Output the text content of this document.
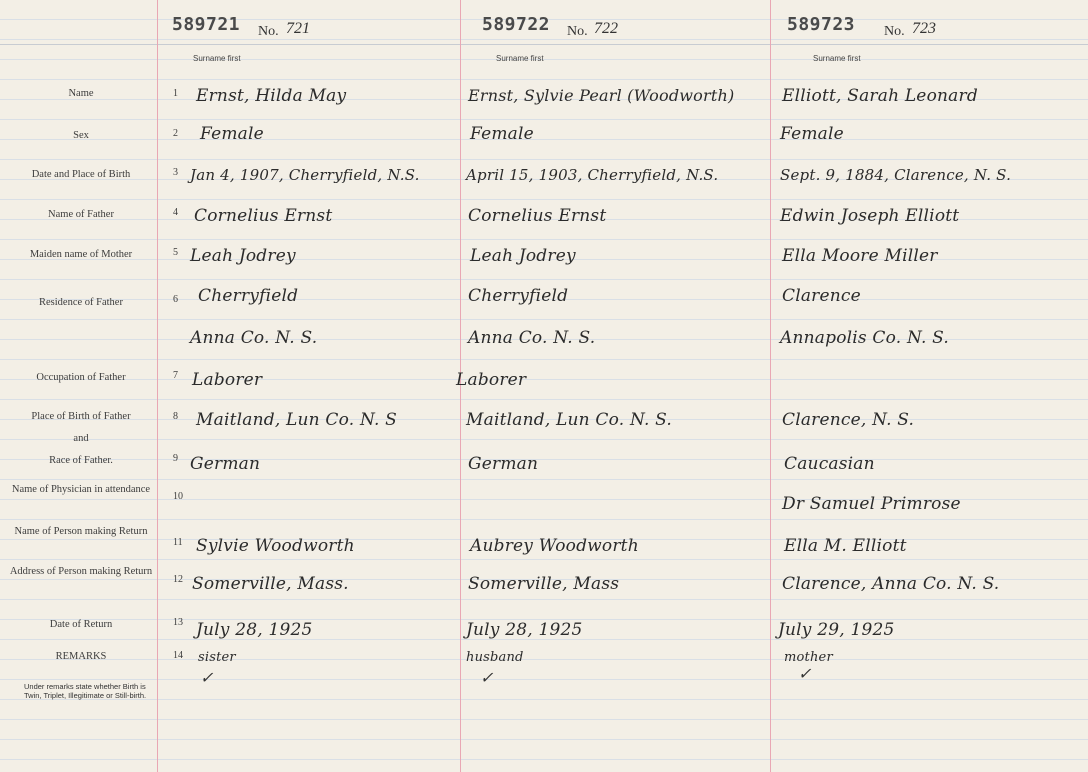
589721 No. 721
Surname first
589722 No. 722
Surname first
589723 No. 723
Surname first
Name
Sex
Date and Place of Birth
Name of Father
Maiden name of Mother
Residence of Father
Occupation of Father
Place of Birth of Father
and
Race of Father.
Name of Physician in attendance
Name of Person making Return
Address of Person making Return
Date of Return
REMARKS
Under remarks state whether Birth is Twin, Triplet, Illegitimate or Still-birth.
1
2
3
4
5
6
7
8
9
10
11
12
13
14
Ernst, Hilda May
Female
Jan 4, 1907, Cherryfield, N.S.
Cornelius Ernst
Leah Jodrey
Cherryfield
Anna Co. N. S.
Laborer
Maitland, Lun Co. N. S
German
Sylvie Woodworth
Somerville, Mass.
July 28, 1925
sister
✓
Ernst, Sylvie Pearl (Woodworth)
Female
April 15, 1903, Cherryfield, N.S.
Cornelius Ernst
Leah Jodrey
Cherryfield
Anna Co. N. S.
Laborer
Maitland, Lun Co. N. S.
German
Aubrey Woodworth
Somerville, Mass
July 28, 1925
husband
✓
Elliott, Sarah Leonard
Female
Sept. 9, 1884, Clarence, N. S.
Edwin Joseph Elliott
Ella Moore Miller
Clarence
Annapolis Co. N. S.
Clarence, N. S.
Caucasian
Dr Samuel Primrose
Ella M. Elliott
Clarence, Anna Co. N. S.
July 29, 1925
mother
✓
